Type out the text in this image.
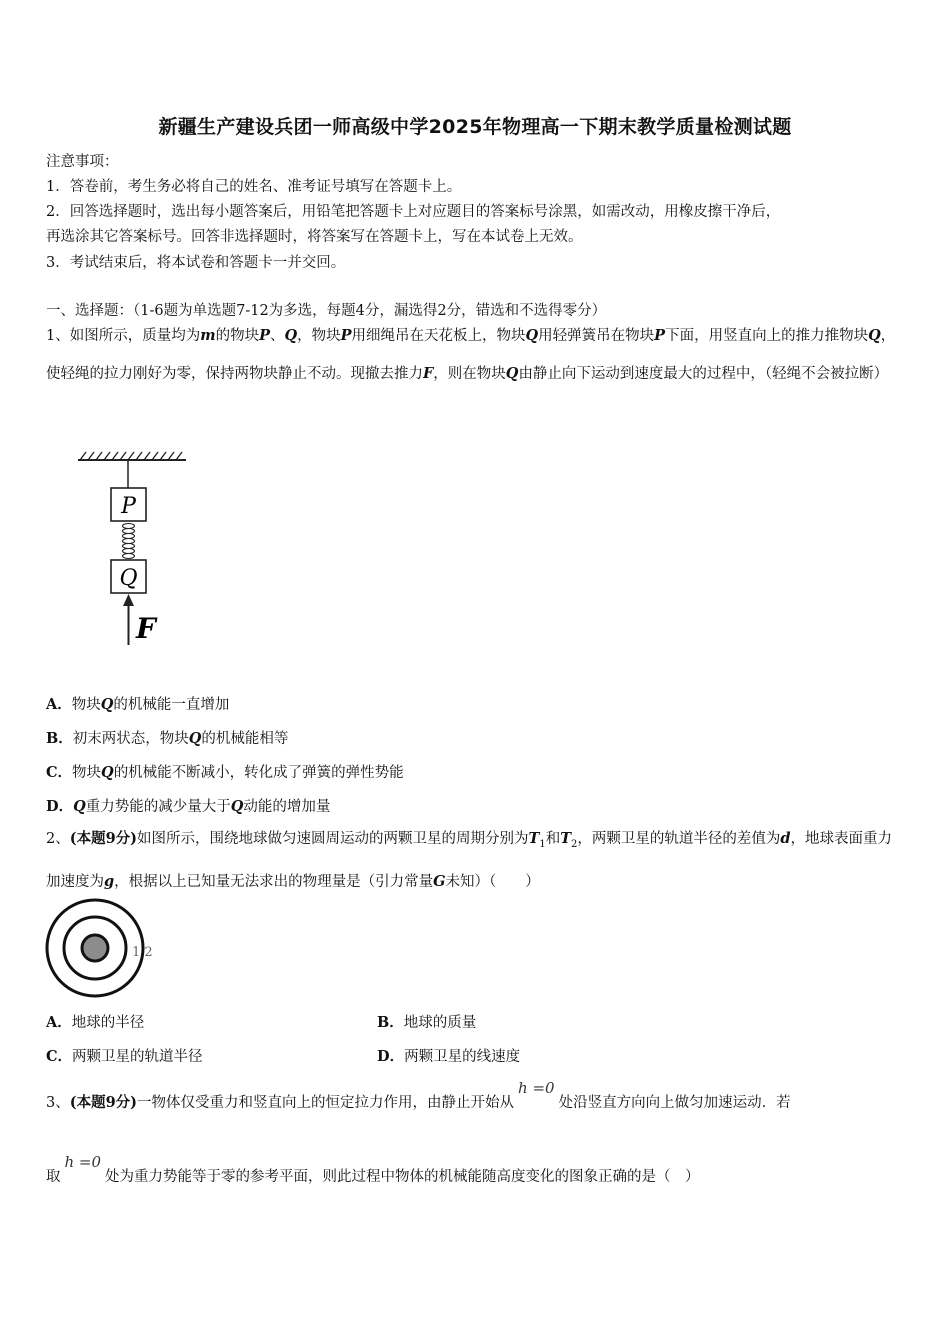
新疆生产建设兵团一师高级中学2025年物理高一下期末教学质量检测试题
注意事项：
1．答卷前，考生务必将自己的姓名、准考证号填写在答题卡上。
2．回答选择题时，选出每小题答案后，用铅笔把答题卡上对应题目的答案标号涂黑，如需改动，用橡皮擦干净后，
再选涂其它答案标号。回答非选择题时，将答案写在答题卡上，写在本试卷上无效。
3．考试结束后，将本试卷和答题卡一并交回。
一、选择题：（1-6题为单选题7-12为多选，每题4分，漏选得2分，错选和不选得零分）
1、如图所示，质量均为m的物块P、Q，物块P用细绳吊在天花板上，物块Q用轻弹簧吊在物块P下面，用竖直向上的推力推物块Q，使轻绳的拉力刚好为零，保持两物块静止不动。现撤去推力F，则在物块Q由静止向下运动到速度最大的过程中，（轻绳不会被拉断）
P
Q
F
A．物块Q的机械能一直增加
B．初末两状态，物块Q的机械能相等
C．物块Q的机械能不断减小，转化成了弹簧的弹性势能
D．Q重力势能的减少量大于Q动能的增加量
2、(本题9分)如图所示，围绕地球做匀速圆周运动的两颗卫星的周期分别为$T_1$和$T_2$，两颗卫星的轨道半径的差值为d，地球表面重力加速度为g，根据以上已知量无法求出的物理量是（引力常量G未知）（　　）
1 2
A．地球的半径	B．地球的质量
C．两颗卫星的轨道半径	D．两颗卫星的线速度
3、(本题9分)一物体仅受重力和竖直向上的恒定拉力作用，由静止开始从h =0处沿竖直方向向上做匀加速运动．若
取h =0处为重力势能等于零的参考平面，则此过程中物体的机械能随高度变化的图象正确的是（　）
